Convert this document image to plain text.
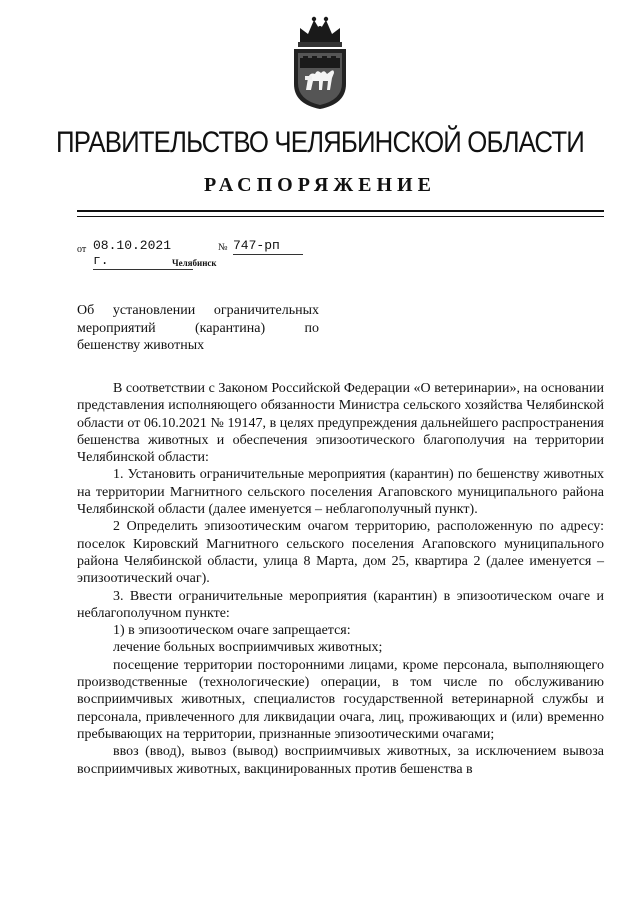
ПРАВИТЕЛЬСТВО ЧЕЛЯБИНСКОЙ ОБЛАСТИ
РАСПОРЯЖЕНИЕ
от 08.10.2021 г.
№ 747-рп
Челябинск

Об установлении ограничительных

мероприятий (карантина) по

бешенству животных

В соответствии с Законом Российской Федерации «О ветеринарии», на основании представления исполняющего обязанности Министра сельского хозяйства Челябинской области от 06.10.2021 № 19147, в целях предупреждения дальнейшего распространения бешенства животных и обеспечения эпизоотического благополучия на территории Челябинской области:

1. Установить ограничительные мероприятия (карантин) по бешенству животных на территории Магнитного сельского поселения Агаповского муниципального района Челябинской области (далее именуется – неблагополучный пункт).

2 Определить эпизоотическим очагом территорию, расположенную по адресу: поселок Кировский Магнитного сельского поселения Агаповского муниципального района Челябинской области, улица 8 Марта, дом 25, квартира 2 (далее именуется – эпизоотический очаг).

3. Ввести ограничительные мероприятия (карантин) в эпизоотическом очаге и неблагополучном пункте:

1) в эпизоотическом очаге запрещается:

лечение больных восприимчивых животных;

посещение территории посторонними лицами, кроме персонала, выполняющего производственные (технологические) операции, в том числе по обслуживанию восприимчивых животных, специалистов государственной ветеринарной службы и персонала, привлеченного для ликвидации очага, лиц, проживающих и (или) временно пребывающих на территории, признанные эпизоотическими очагами;

ввоз (ввод), вывоз (вывод) восприимчивых животных, за исключением вывоза восприимчивых животных, вакцинированных против бешенства в
